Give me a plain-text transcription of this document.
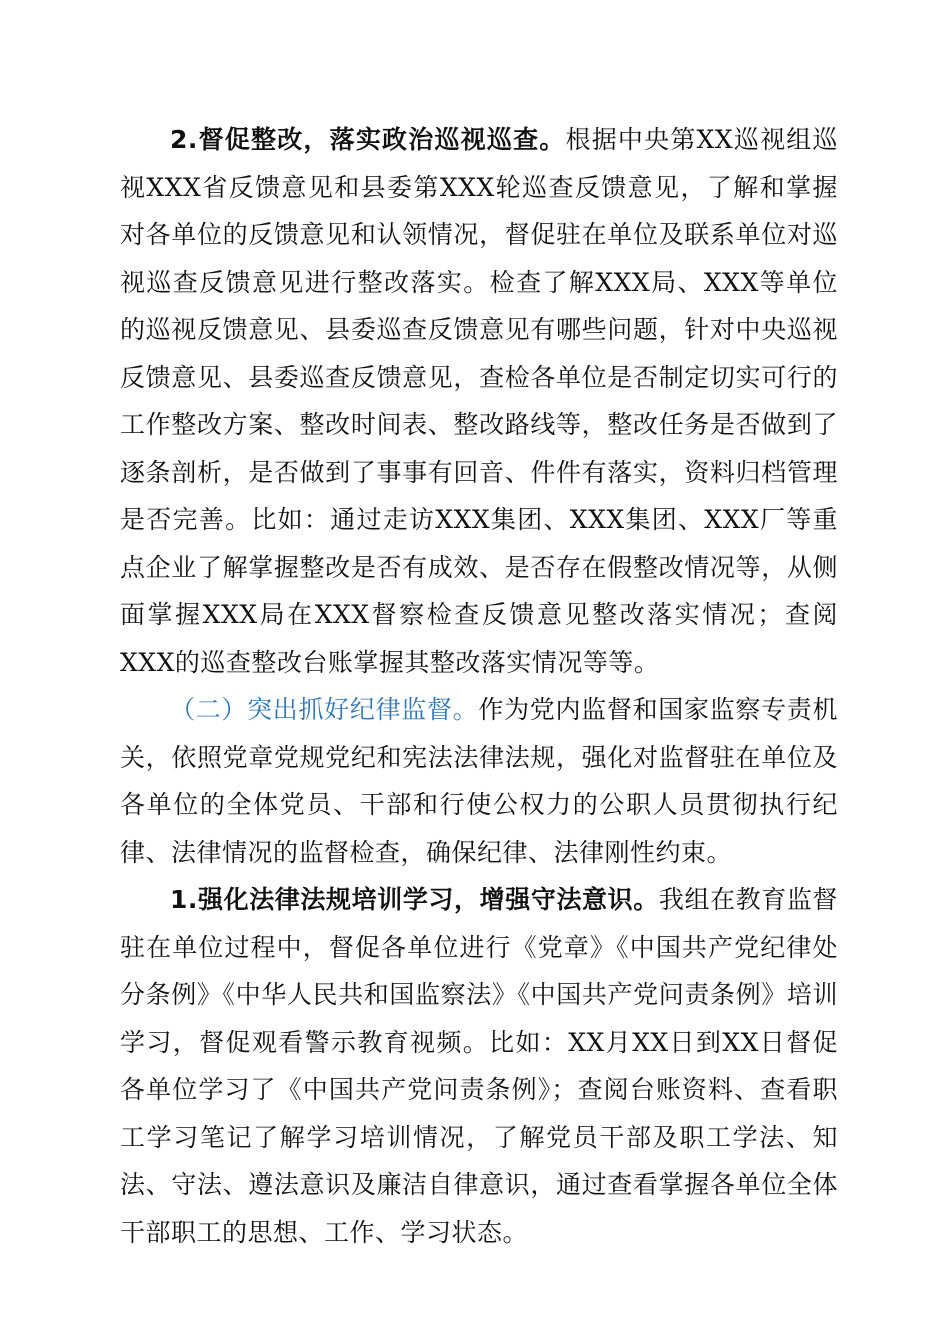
2.督促整改，落实政治巡视巡查。根据中央第XX巡视组巡视XXX省反馈意见和县委第XXX轮巡查反馈意见，了解和掌握对各单位的反馈意见和认领情况，督促驻在单位及联系单位对巡视巡查反馈意见进行整改落实。检查了解XXX局、XXX等单位的巡视反馈意见、县委巡查反馈意见有哪些问题，针对中央巡视反馈意见、县委巡查反馈意见，查检各单位是否制定切实可行的工作整改方案、整改时间表、整改路线等，整改任务是否做到了逐条剖析，是否做到了事事有回音、件件有落实，资料归档管理是否完善。比如：通过走访XXX集团、XXX集团、XXX厂等重点企业了解掌握整改是否有成效、是否存在假整改情况等，从侧面掌握XXX局在XXX督察检查反馈意见整改落实情况；查阅XXX的巡查整改台账掌握其整改落实情况等等。

（二）突出抓好纪律监督。作为党内监督和国家监察专责机关，依照党章党规党纪和宪法法律法规，强化对监督驻在单位及各单位的全体党员、干部和行使公权力的公职人员贯彻执行纪律、法律情况的监督检查，确保纪律、法律刚性约束。

1.强化法律法规培训学习，增强守法意识。我组在教育监督驻在单位过程中，督促各单位进行《党章》《中国共产党纪律处分条例》《中华人民共和国监察法》《中国共产党问责条例》培训学习，督促观看警示教育视频。比如：XX月XX日到XX日督促各单位学习了《中国共产党问责条例》；查阅台账资料、查看职工学习笔记了解学习培训情况，了解党员干部及职工学法、知法、守法、遵法意识及廉洁自律意识，通过查看掌握各单位全体干部职工的思想、工作、学习状态。
